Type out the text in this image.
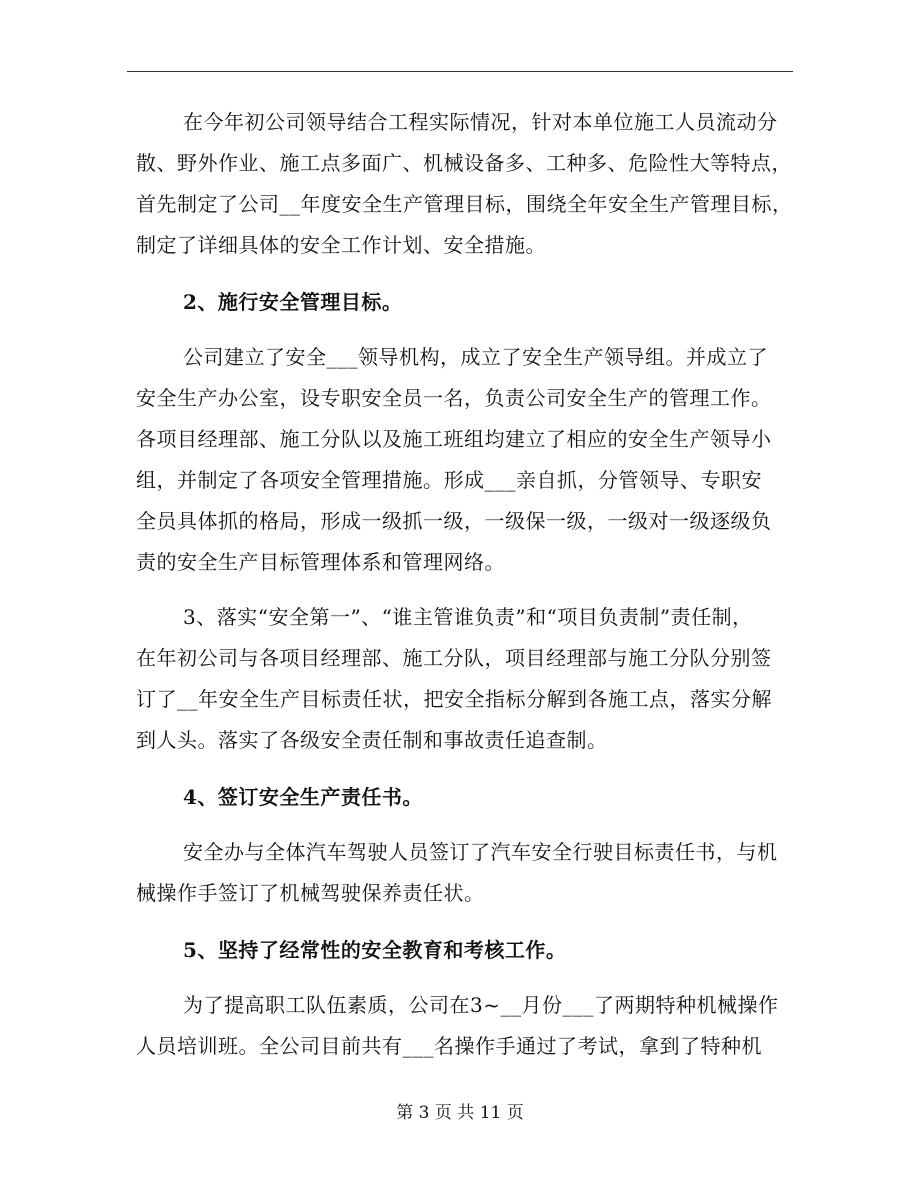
在今年初公司领导结合工程实际情况，针对本单位施工人员流动分
散、野外作业、施工点多面广、机械设备多、工种多、危险性大等特点，
首先制定了公司__年度安全生产管理目标，围绕全年安全生产管理目标，
制定了详细具体的安全工作计划、安全措施。
2、施行安全管理目标。
公司建立了安全___领导机构，成立了安全生产领导组。并成立了
安全生产办公室，设专职安全员一名，负责公司安全生产的管理工作。
各项目经理部、施工分队以及施工班组均建立了相应的安全生产领导小
组，并制定了各项安全管理措施。形成___亲自抓，分管领导、专职安
全员具体抓的格局，形成一级抓一级，一级保一级，一级对一级逐级负
责的安全生产目标管理体系和管理网络。
3、落实“安全第一”、“谁主管谁负责”和“项目负责制”责任制，
在年初公司与各项目经理部、施工分队，项目经理部与施工分队分别签
订了__年安全生产目标责任状，把安全指标分解到各施工点，落实分解
到人头。落实了各级安全责任制和事故责任追查制。
4、签订安全生产责任书。
安全办与全体汽车驾驶人员签订了汽车安全行驶目标责任书，与机
械操作手签订了机械驾驶保养责任状。
5、坚持了经常性的安全教育和考核工作。
为了提高职工队伍素质，公司在3~__月份___了两期特种机械操作
人员培训班。全公司目前共有___名操作手通过了考试，拿到了特种机
第 3 页 共 11 页
